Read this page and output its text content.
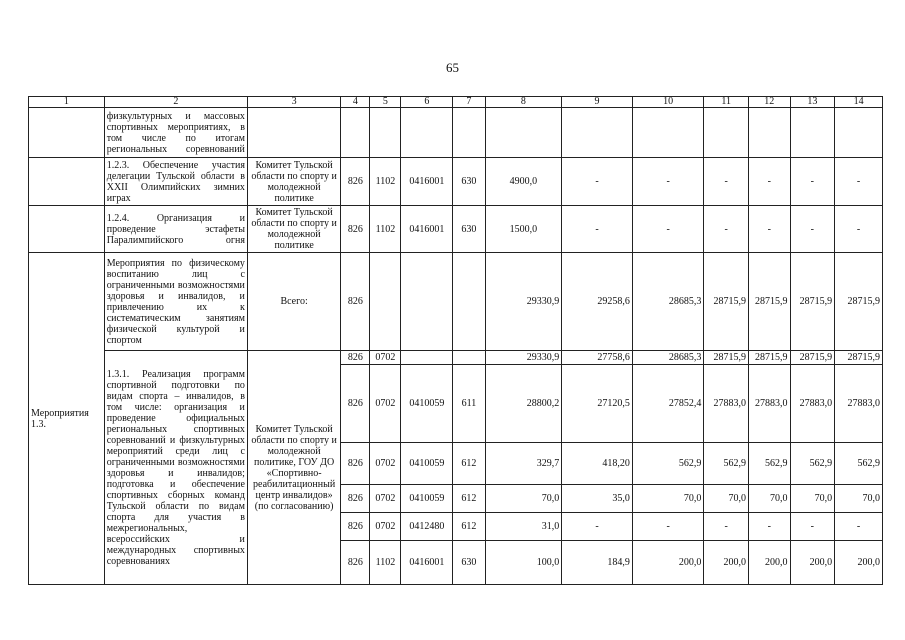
65
1	2	3	4	5	6	7	8	9	10	11	12	13	14
	физкультурных и массовых спортивных мероприятиях, в том числе по итогам региональных соревнований												
	1.2.3. Обеспечение участия делегации Тульской области в XXII Олимпийских зимних играх	Комитет Тульской области по спорту и молодежной политике	826	1102	0416001	630	4900,0	-	-	-	-	-	-
	1.2.4. Организация и проведение эстафеты Паралимпийского огня	Комитет Тульской области по спорту и молодежной политике	826	1102	0416001	630	1500,0	-	-	-	-	-	-
Мероприятия 1.3.	Мероприятия по физическому воспитанию лиц с ограниченными возможностями здоровья и инвалидов, и привлечению их к систематическим занятиям физической культурой и спортом	Всего:	826				29330,9	29258,6	28685,3	28715,9	28715,9	28715,9	28715,9
	1.3.1. Реализация программ спортивной подготовки по видам спорта – инвалидов, в том числе: организация и проведение официальных региональных спортивных соревнований и физкультурных мероприятий среди лиц с ограниченными возможностями здоровья и инвалидов; подготовка и обеспечение спортивных сборных команд Тульской области по видам спорта для участия в межрегиональных, всероссийских и международных спортивных соревнованиях	Комитет Тульской области по спорту и молодежной политике, ГОУ ДО «Спортивно-реабилитационный центр инвалидов» (по согласованию)	826	0702			29330,9	27758,6	28685,3	28715,9	28715,9	28715,9	28715,9
			826	0702	0410059	611	28800,2	27120,5	27852,4	27883,0	27883,0	27883,0	27883,0
			826	0702	0410059	612	329,7	418,20	562,9	562,9	562,9	562,9	562,9
			826	0702	0410059	612	70,0	35,0	70,0	70,0	70,0	70,0	70,0
			826	0702	0412480	612	31,0	-	-	-	-	-	-
			826	1102	0416001	630	100,0	184,9	200,0	200,0	200,0	200,0	200,0
